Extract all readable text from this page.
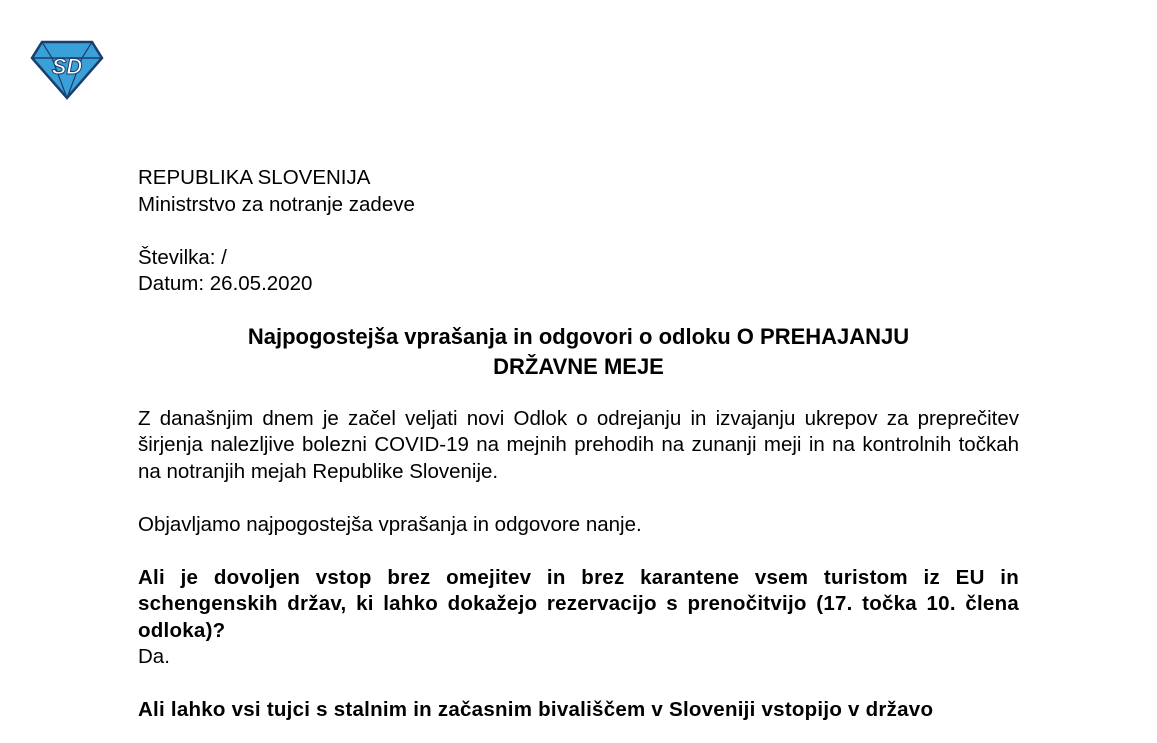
SD

REPUBLIKA SLOVENIJA

Ministrstvo za notranje zadeve

Številka: /

Datum: 26.05.2020

Najpogostejša vprašanja in odgovori o odloku O PREHAJANJU
DRŽAVNE MEJE

Z današnjim dnem je začel veljati novi Odlok o odrejanju in izvajanju ukrepov za preprečitev širjenja nalezljive bolezni COVID-19 na mejnih prehodih na zunanji meji in na kontrolnih točkah na notranjih mejah Republike Slovenije.

Objavljamo najpogostejša vprašanja in odgovore nanje.

Ali je dovoljen vstop brez omejitev in brez karantene vsem turistom iz EU in schengenskih držav, ki lahko dokažejo rezervacijo s prenočitvijo (17. točka 10. člena odloka)?

Da.

Ali lahko vsi tujci s stalnim in začasnim bivališčem v Sloveniji vstopijo v državo
